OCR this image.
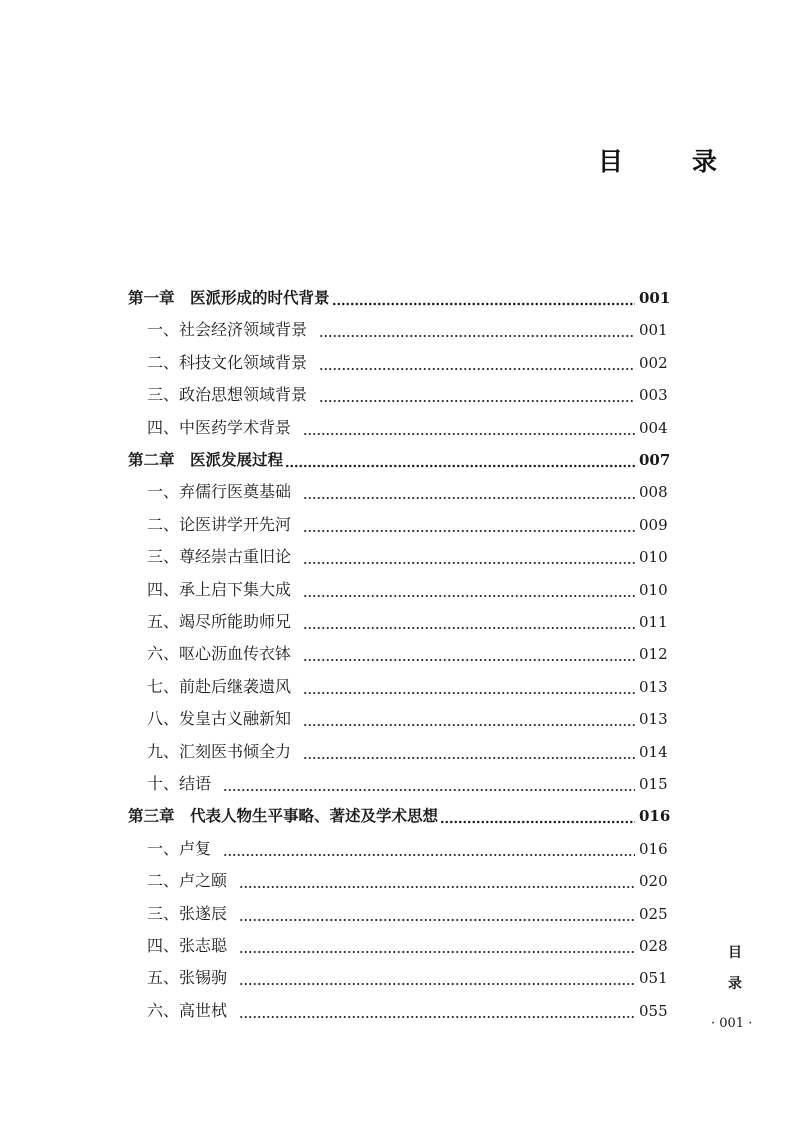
目　录
第一章　医派形成的时代背景	001
一、社会经济领域背景	001
二、科技文化领域背景	002
三、政治思想领域背景	003
四、中医药学术背景	004
第二章　医派发展过程	007
一、弃儒行医奠基础	008
二、论医讲学开先河	009
三、尊经崇古重旧论	010
四、承上启下集大成	010
五、竭尽所能助师兄	011
六、呕心沥血传衣钵	012
七、前赴后继袭遗风	013
八、发皇古义融新知	013
九、汇刻医书倾全力	014
十、结语	015
第三章　代表人物生平事略、著述及学术思想	016
一、卢复	016
二、卢之颐	020
三、张遂辰	025
四、张志聪	028
五、张锡驹	051
六、高世栻	055
目
录
· 001 ·
